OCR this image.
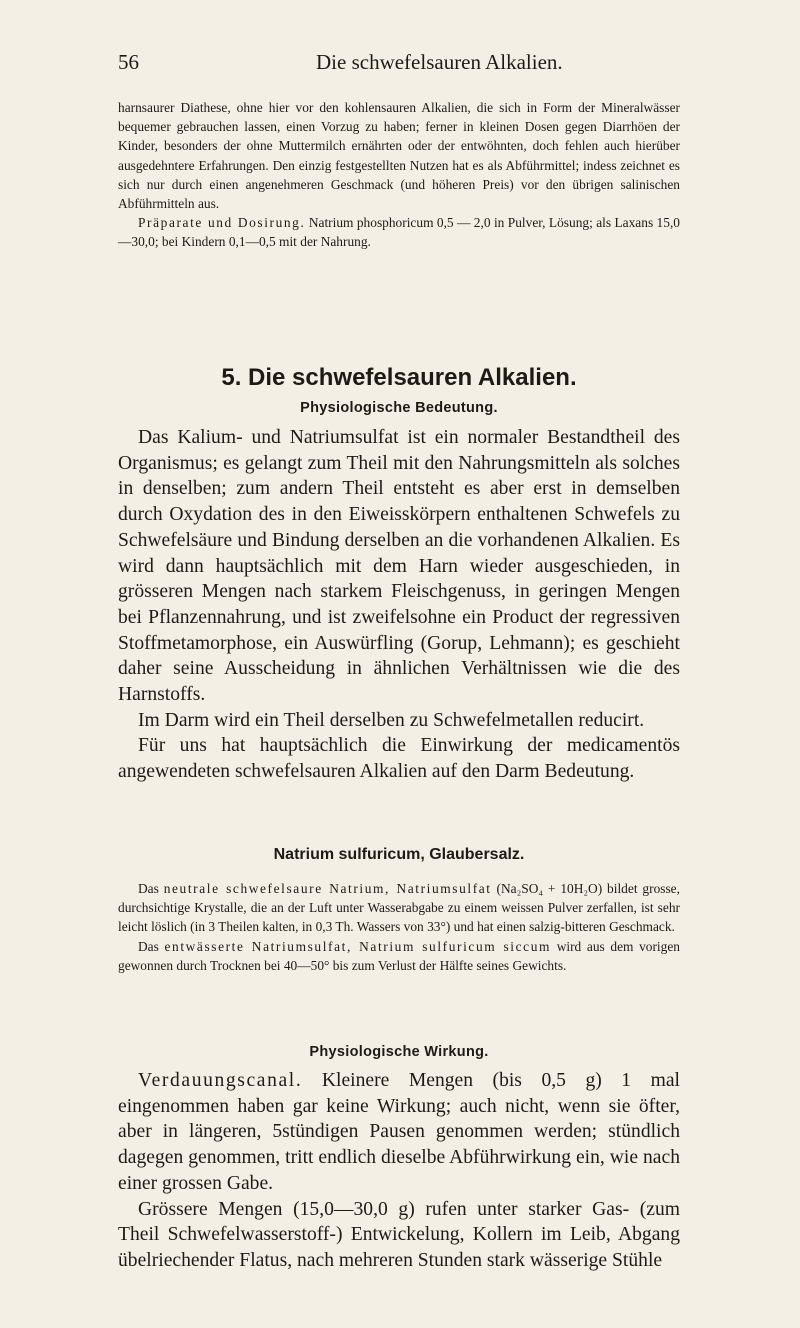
56	Die schwefelsauren Alkalien.

harnsaurer Diathese, ohne hier vor den kohlensauren Alkalien, die sich in Form der Mineralwässer bequemer gebrauchen lassen, einen Vorzug zu haben; ferner in kleinen Dosen gegen Diarrhöen der Kinder, besonders der ohne Muttermilch ernährten oder der entwöhnten, doch fehlen auch hierüber ausgedehntere Erfahrungen. Den einzig festgestellten Nutzen hat es als Abführmittel; indess zeichnet es sich nur durch einen angenehmeren Geschmack (und höheren Preis) vor den übrigen salinischen Abführmitteln aus.

Präparate und Dosirung. Natrium phosphoricum 0,5 — 2,0 in Pulver, Lösung; als Laxans 15,0—30,0; bei Kindern 0,1—0,5 mit der Nahrung.

5. Die schwefelsauren Alkalien.
Physiologische Bedeutung.

Das Kalium- und Natriumsulfat ist ein normaler Bestandtheil des Organismus; es gelangt zum Theil mit den Nahrungsmitteln als solches in denselben; zum andern Theil entsteht es aber erst in demselben durch Oxydation des in den Eiweisskörpern enthaltenen Schwefels zu Schwefelsäure und Bindung derselben an die vorhandenen Alkalien. Es wird dann hauptsächlich mit dem Harn wieder ausgeschieden, in grösseren Mengen nach starkem Fleischgenuss, in geringen Mengen bei Pflanzennahrung, und ist zweifelsohne ein Product der regressiven Stoffmetamorphose, ein Auswürfling (Gorup, Lehmann); es geschieht daher seine Ausscheidung in ähnlichen Verhältnissen wie die des Harnstoffs.

Im Darm wird ein Theil derselben zu Schwefelmetallen reducirt.

Für uns hat hauptsächlich die Einwirkung der medicamentös angewendeten schwefelsauren Alkalien auf den Darm Bedeutung.

Natrium sulfuricum, Glaubersalz.

Das neutrale schwefelsaure Natrium, Natriumsulfat (Na₂SO₄ + 10H₂O) bildet grosse, durchsichtige Krystalle, die an der Luft unter Wasserabgabe zu einem weissen Pulver zerfallen, ist sehr leicht löslich (in 3 Theilen kalten, in 0,3 Th. Wassers von 33°) und hat einen salzig-bitteren Geschmack.

Das entwässerte Natriumsulfat, Natrium sulfuricum siccum wird aus dem vorigen gewonnen durch Trocknen bei 40—50° bis zum Verlust der Hälfte seines Gewichts.

Physiologische Wirkung.

Verdauungscanal. Kleinere Mengen (bis 0,5 g) 1 mal eingenommen haben gar keine Wirkung; auch nicht, wenn sie öfter, aber in längeren, 5stündigen Pausen genommen werden; stündlich dagegen genommen, tritt endlich dieselbe Abführwirkung ein, wie nach einer grossen Gabe.

Grössere Mengen (15,0—30,0 g) rufen unter starker Gas- (zum Theil Schwefelwasserstoff-) Entwickelung, Kollern im Leib, Abgang übelriechender Flatus, nach mehreren Stunden stark wässerige Stühle
